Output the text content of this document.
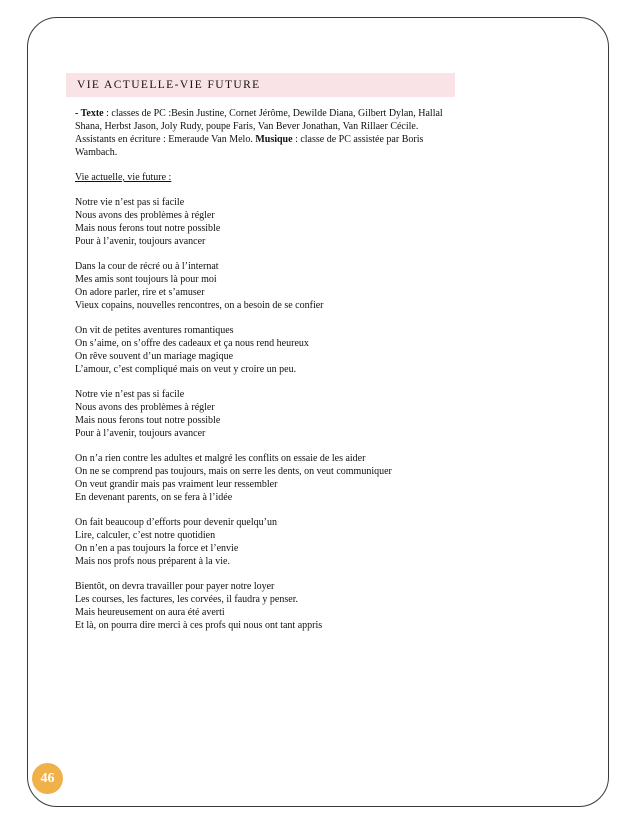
VIE ACTUELLE-VIE FUTURE

- Texte : classes de PC :Besin Justine, Cornet Jérôme, Dewilde Diana, Gilbert Dylan, Hallal Shana, Herbst Jason, Joly Rudy, poupe Faris, Van Bever Jonathan, Van Rillaer Cécile. Assistants en écriture : Emeraude Van Melo. Musique : classe de PC assistée par Boris Wambach.

Vie actuelle, vie future :
Notre vie n’est pas si facile
Nous avons des problèmes à régler
Mais nous ferons tout notre possible
Pour à l’avenir, toujours avancer
Dans la cour de récré ou à l’internat
Mes amis sont toujours là pour moi
On adore parler, rire et s’amuser
Vieux copains, nouvelles rencontres, on a besoin de se confier
On vit de petites aventures romantiques
On s’aime, on s’offre des cadeaux et ça nous rend heureux
On rêve souvent d’un mariage magique
L’amour, c’est compliqué mais on veut y croire un peu.
Notre vie n’est pas si facile
Nous avons des problèmes à régler
Mais nous ferons tout notre possible
Pour à l’avenir, toujours avancer
On n’a rien contre les adultes et malgré les conflits on essaie de les aider
On ne se comprend pas toujours, mais on serre les dents, on veut communiquer
On veut grandir mais pas vraiment leur ressembler
En devenant parents, on se fera à l’idée
On fait beaucoup d’efforts pour devenir quelqu’un
Lire, calculer, c’est notre quotidien
On n’en a pas toujours la force et l’envie
Mais nos profs nous préparent à la vie.
Bientôt, on devra travailler pour payer notre loyer
Les courses, les factures, les corvées, il faudra y penser.
Mais heureusement on aura été averti
Et là, on pourra dire merci à ces profs qui nous ont tant appris
46
